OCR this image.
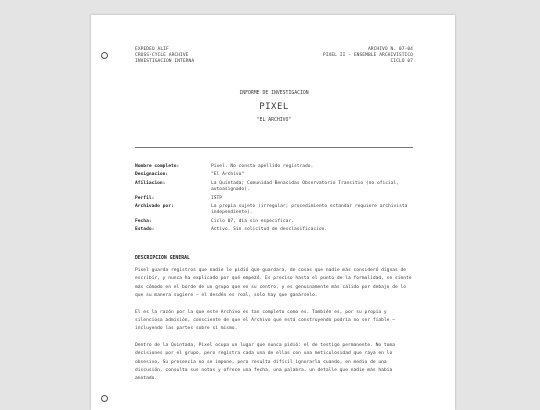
EXPEDEO ALIF
CROSS-CYCLE ARCHIVE
INVESTIGACION INTERNA
ARCHIVO N. 07-04
PIXEL II - ENSEMBLE ARCHIVISTICO
CICLO 07
INFORME DE INVESTIGACION
PIXEL
"EL ARCHIVO"
Nombre completo:	Pixel. No consta apellido registrado.
Designacion:	"El Archivo"
Afiliacion:	La Quintada; Comunidad Benacidas Observatorio Transitio (no oficial, autoasignado).
Perfil:	ISTP
Archivado por:	La propia sujeto (irregular; procedimiento estandar requiere archivista independiente).
Fecha:	Ciclo 07, dia sin especificar.
Estado:	Activo. Sin solicitud de desclasificacion.
DESCRIPCION GENERAL

Pixel guarda registros que nadie le pidió que guardara, de cosas que nadie más consideró dignas de escribir, y nunca ha explicado por qué empezó. Es preciso hasta el punto de la formalidad, se siente más cómodo en el borde de un grupo que en su centro, y es genuinamente más cálido por debajo de lo que su manera sugiere — el desdén es real, solo hay que ganárselo.

El es la razón por la que este Archivo es tan completo como es. También es, por su propia y silenciosa admisión, consciente de que el Archivo que está construyendo podría no ser fiable — incluyendo las partes sobre sí mismo.

Dentro de la Quintada, Pixel ocupa un lugar que nunca pidió: el de testigo permanente. No toma decisiones por el grupo, pero registra cada una de ellas con una meticulosidad que raya en lo obsesivo. Su presencia no se impone, pero resulta difícil ignorarla cuando, en medio de una discusión, consulta sus notas y ofrece una fecha, una palabra, un detalle que nadie más había anotado.
